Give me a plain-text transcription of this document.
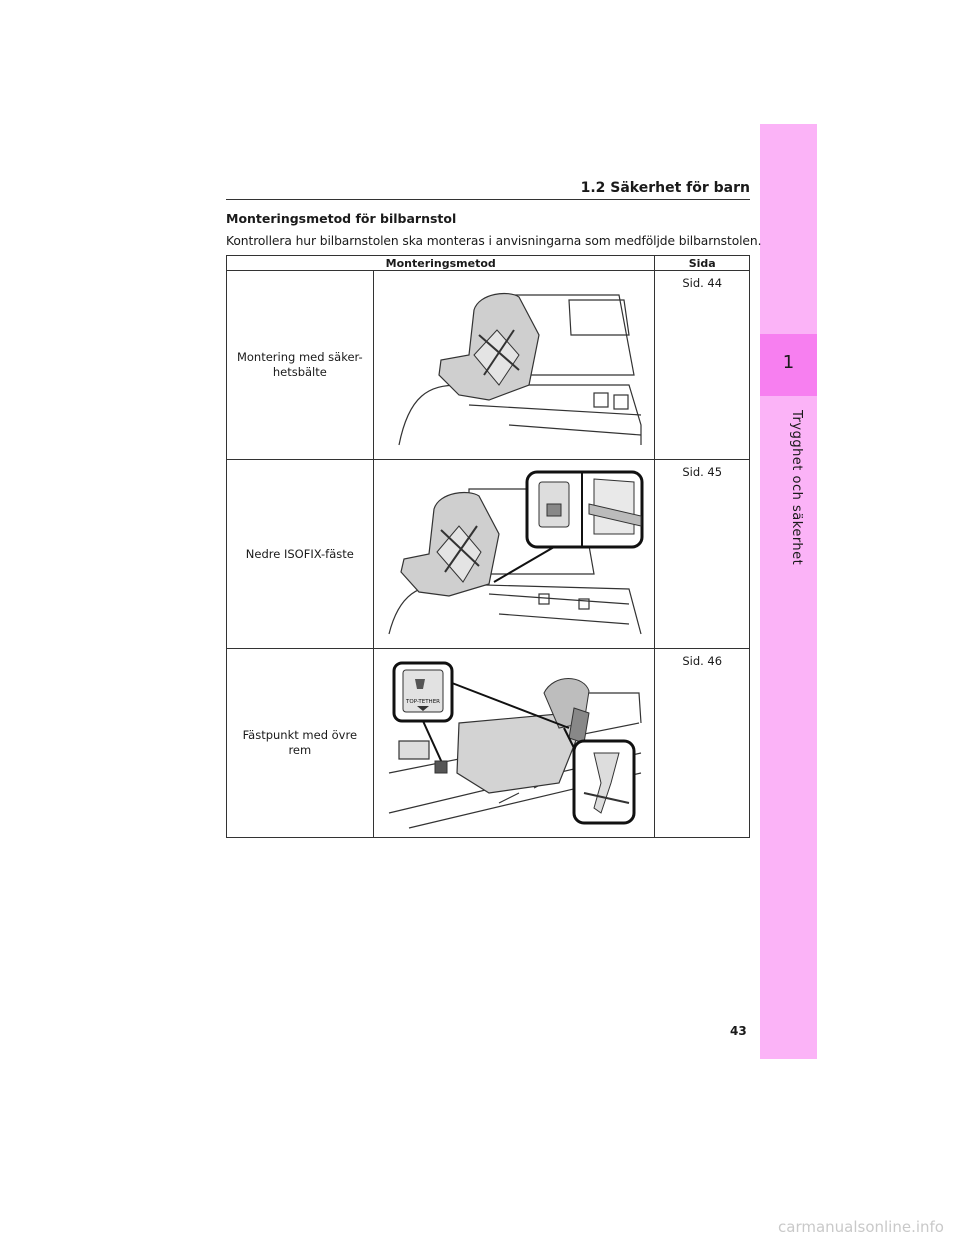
1
Trygghet och säkerhet
1.2 Säkerhet för barn
Monteringsmetod för bilbarnstol
Kontrollera hur bilbarnstolen ska monteras i anvisningarna som medföljde bilbarnstolen.
Monteringsmetod		Sida
Montering med säker-hetsbälte		Sid. 44
Nedre ISOFIX-fäste		Sid. 45
Fästpunkt med övre rem	TOP-TETHER	Sid. 46
43
carmanualsonline.info
